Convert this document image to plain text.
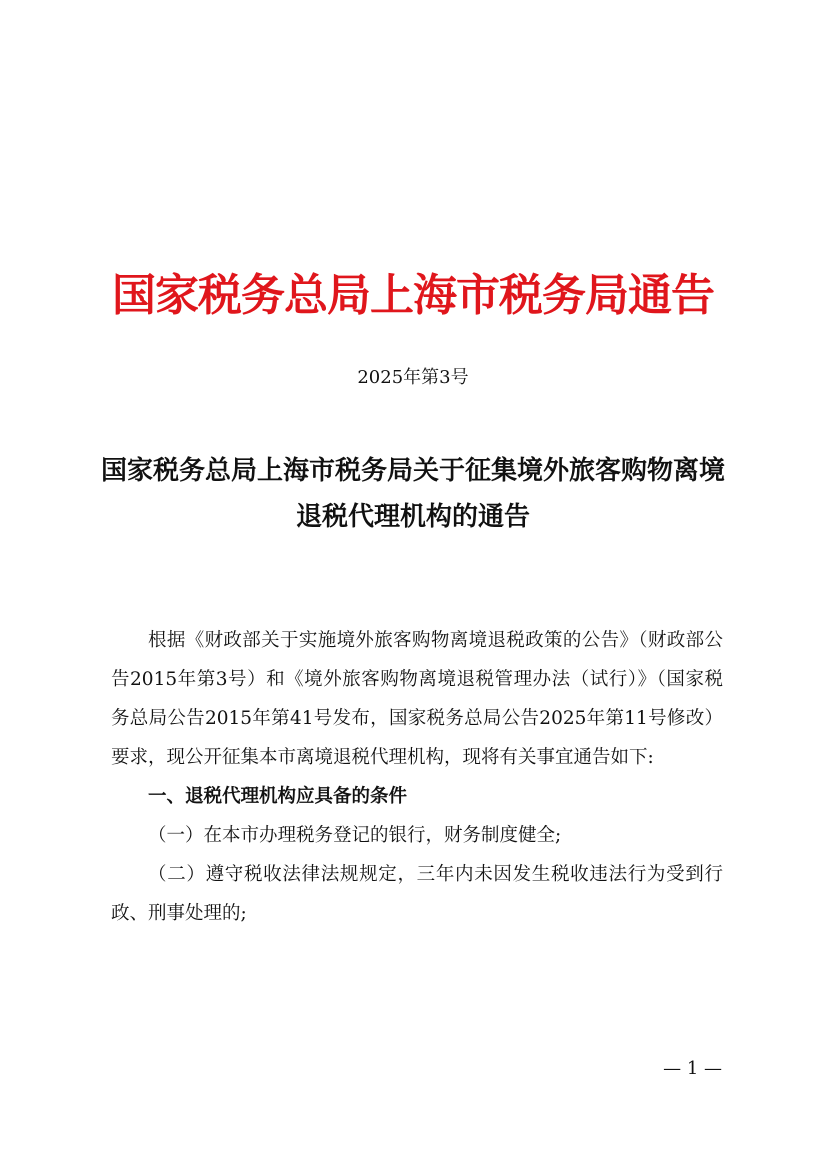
国家税务总局上海市税务局通告
2025年第3号
国家税务总局上海市税务局关于征集境外旅客购物离境退税代理机构的通告

根据《财政部关于实施境外旅客购物离境退税政策的公告》（财政部公告2015年第3号）和《境外旅客购物离境退税管理办法（试行）》（国家税务总局公告2015年第41号发布，国家税务总局公告2025年第11号修改）要求，现公开征集本市离境退税代理机构，现将有关事宜通告如下:

一、退税代理机构应具备的条件

（一）在本市办理税务登记的银行，财务制度健全;

（二）遵守税收法律法规规定，三年内未因发生税收违法行为受到行政、刑事处理的;

— 1 —
